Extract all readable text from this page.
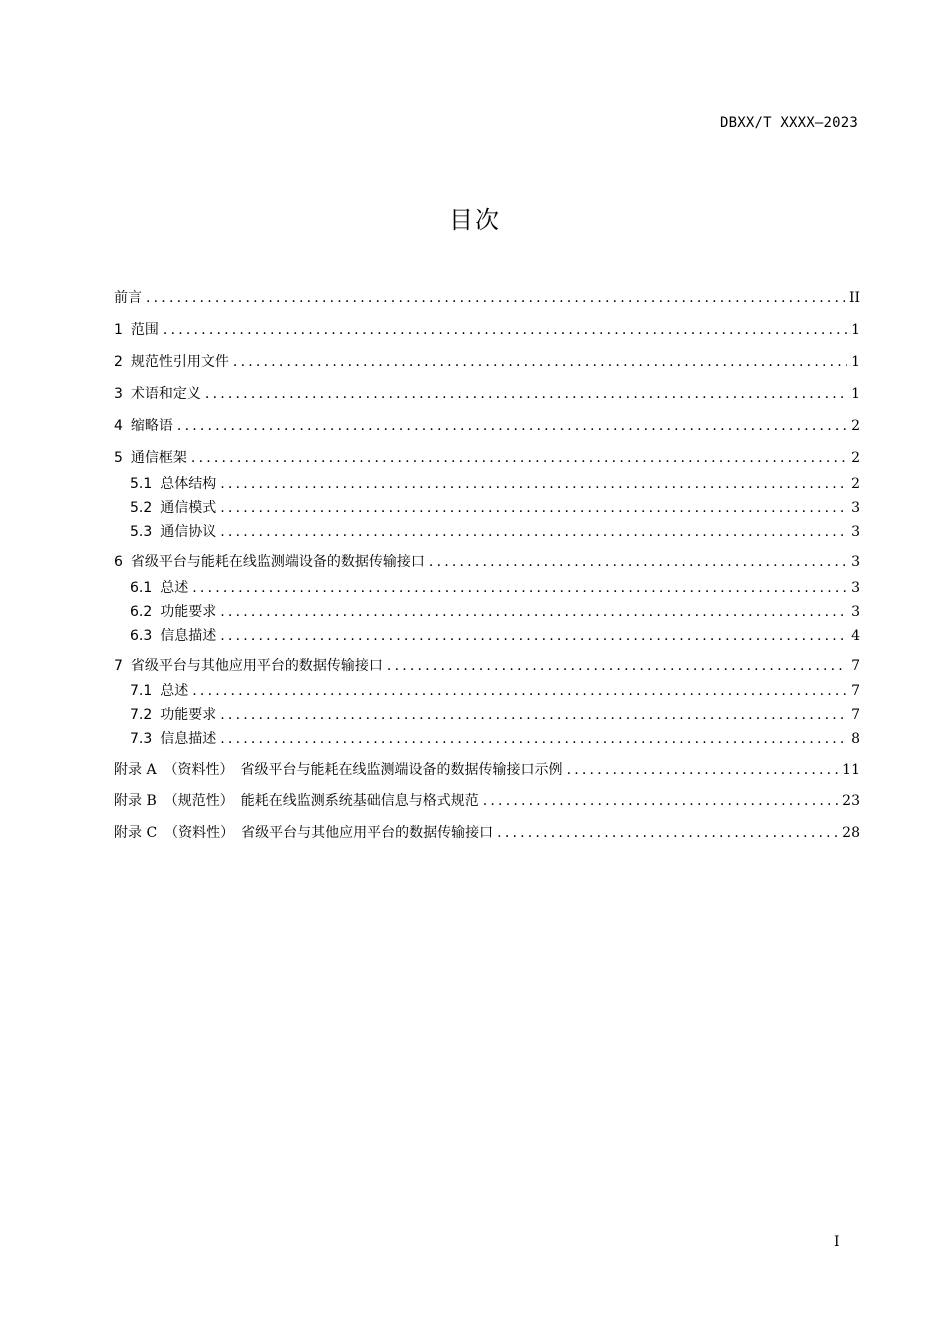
DBXX/T XXXX—2023
目次
前言 .....	II
1 范围 .....	1
2 规范性引用文件 .....	1
3 术语和定义 .....	1
4 缩略语 .....	2
5 通信框架 .....	2
5.1 总体结构 .....	2
5.2 通信模式 .....	3
5.3 通信协议 .....	3
6 省级平台与能耗在线监测端设备的数据传输接口 .....	3
6.1 总述 .....	3
6.2 功能要求 .....	3
6.3 信息描述 .....	4
7 省级平台与其他应用平台的数据传输接口 .....	7
7.1 总述 .....	7
7.2 功能要求 .....	7
7.3 信息描述 .....	8
附录 A　（资料性）　省级平台与能耗在线监测端设备的数据传输接口示例 .....	11
附录 B　（规范性）　能耗在线监测系统基础信息与格式规范 .....	23
附录 C　（资料性）　省级平台与其他应用平台的数据传输接口 .....	28
I
